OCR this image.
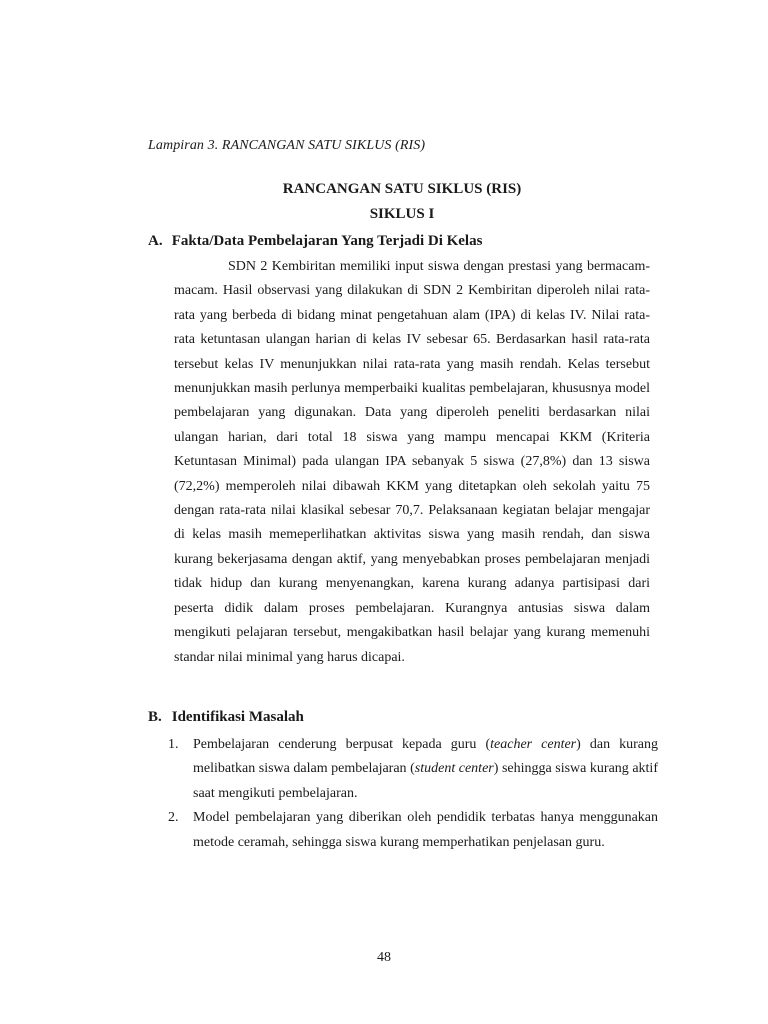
Lampiran 3. RANCANGAN SATU SIKLUS (RIS)
RANCANGAN SATU SIKLUS (RIS)
SIKLUS I
A. Fakta/Data Pembelajaran Yang Terjadi Di Kelas

SDN 2 Kembiritan memiliki input siswa dengan prestasi yang bermacam-macam. Hasil observasi yang dilakukan di SDN 2 Kembiritan diperoleh nilai rata-rata yang berbeda di bidang minat pengetahuan alam (IPA) di kelas IV. Nilai rata-rata ketuntasan ulangan harian di kelas IV sebesar 65. Berdasarkan hasil rata-rata tersebut kelas IV menunjukkan nilai rata-rata yang masih rendah. Kelas tersebut menunjukkan masih perlunya memperbaiki kualitas pembelajaran, khususnya model pembelajaran yang digunakan. Data yang diperoleh peneliti berdasarkan nilai ulangan harian, dari total 18 siswa yang mampu mencapai KKM (Kriteria Ketuntasan Minimal) pada ulangan IPA sebanyak 5 siswa (27,8%) dan 13 siswa (72,2%) memperoleh nilai dibawah KKM yang ditetapkan oleh sekolah yaitu 75 dengan rata-rata nilai klasikal sebesar 70,7. Pelaksanaan kegiatan belajar mengajar di kelas masih memeperlihatkan aktivitas siswa yang masih rendah, dan siswa kurang bekerjasama dengan aktif, yang menyebabkan proses pembelajaran menjadi tidak hidup dan kurang menyenangkan, karena kurang adanya partisipasi dari peserta didik dalam proses pembelajaran. Kurangnya antusias siswa dalam mengikuti pelajaran tersebut, mengakibatkan hasil belajar yang kurang memenuhi standar nilai minimal yang harus dicapai.

B. Identifikasi Masalah
1. Pembelajaran cenderung berpusat kepada guru (teacher center) dan kurang melibatkan siswa dalam pembelajaran (student center) sehingga siswa kurang aktif saat mengikuti pembelajaran.
2. Model pembelajaran yang diberikan oleh pendidik terbatas hanya menggunakan metode ceramah, sehingga siswa kurang memperhatikan penjelasan guru.
48
